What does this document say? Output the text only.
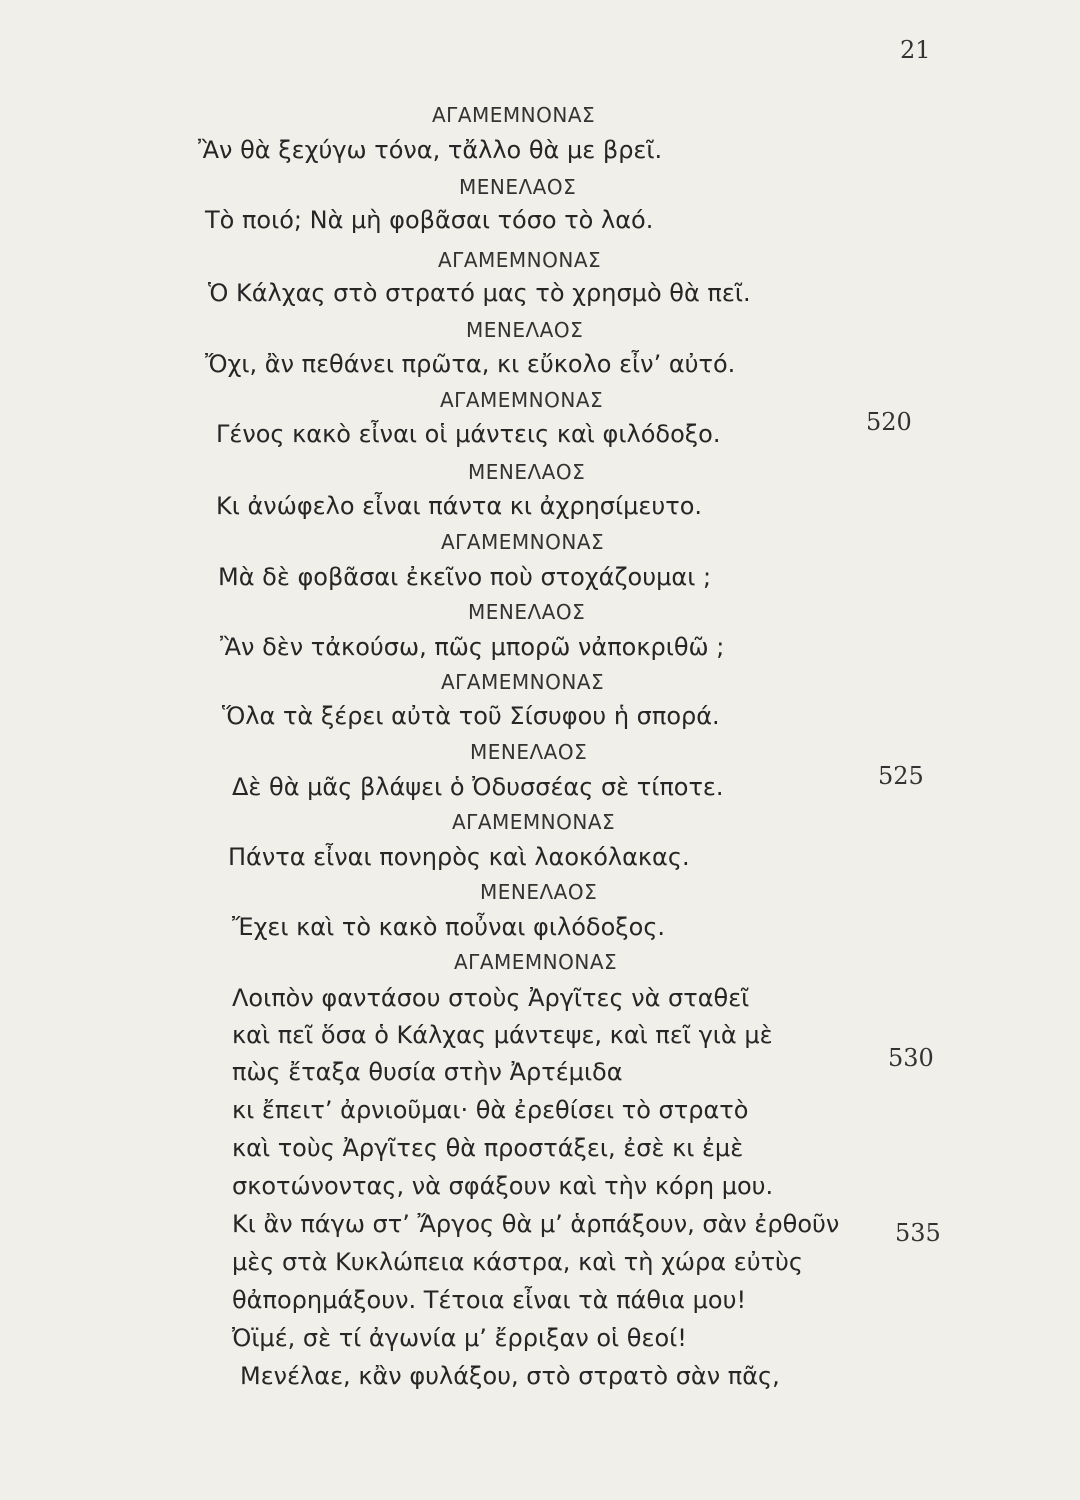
21
ΑΓΑΜΕΜΝΟΝΑΣ
Ἂν θὰ ξεχύγω τόνα, τἄλλο θὰ με βρεῖ.
ΜΕΝΕΛΑΟΣ
Τὸ ποιό; Νὰ μὴ φοβᾶσαι τόσο τὸ λαό.
ΑΓΑΜΕΜΝΟΝΑΣ
Ὁ Κάλχας στὸ στρατό μας τὸ χρησμὸ θὰ πεῖ.
ΜΕΝΕΛΑΟΣ
Ὄχι, ἂν πεθάνει πρῶτα, κι εὔκολο εἶν’ αὐτό.
ΑΓΑΜΕΜΝΟΝΑΣ
Γένος κακὸ εἶναι οἱ μάντεις καὶ φιλόδοξο.	520
ΜΕΝΕΛΑΟΣ
Κι ἀνώφελο εἶναι πάντα κι ἀχρησίμευτο.
ΑΓΑΜΕΜΝΟΝΑΣ
Μὰ δὲ φοβᾶσαι ἐκεῖνο ποὺ στοχάζουμαι ;
ΜΕΝΕΛΑΟΣ
Ἂν δὲν τἀκούσω, πῶς μπορῶ νἀποκριθῶ ;
ΑΓΑΜΕΜΝΟΝΑΣ
Ὅλα τὰ ξέρει αὐτὰ τοῦ Σίσυφου ἡ σπορά.
ΜΕΝΕΛΑΟΣ
Δὲ θὰ μᾶς βλάψει ὁ Ὀδυσσέας σὲ τίποτε.	525
ΑΓΑΜΕΜΝΟΝΑΣ
Πάντα εἶναι πονηρὸς καὶ λαοκόλακας.
ΜΕΝΕΛΑΟΣ
Ἔχει καὶ τὸ κακὸ ποὖναι φιλόδοξος.
ΑΓΑΜΕΜΝΟΝΑΣ
Λοιπὸν φαντάσου στοὺς Ἀργῖτες νὰ σταθεῖ
καὶ πεῖ ὅσα ὁ Κάλχας μάντεψε, καὶ πεῖ γιὰ μὲ
πὼς ἔταξα θυσία στὴν Ἀρτέμιδα	530
κι ἔπειτ’ ἀρνιοῦμαι· θὰ ἐρεθίσει τὸ στρατὸ
καὶ τοὺς Ἀργῖτες θὰ προστάξει, ἐσὲ κι ἐμὲ
σκοτώνοντας, νὰ σφάξουν καὶ τὴν κόρη μου.
Κι ἂν πάγω στ’ Ἄργος θὰ μ’ ἁρπάξουν, σὰν ἐρθοῦν
μὲς στὰ Κυκλώπεια κάστρα, καὶ τὴ χώρα εὐτὺς
535
θἀπορημάξουν. Τέτοια εἶναι τὰ πάθια μου!
Ὀϊμέ, σὲ τί ἀγωνία μ’ ἔρριξαν οἱ θεοί!
Μενέλαε, κἂν φυλάξου, στὸ στρατὸ σὰν πᾶς,
